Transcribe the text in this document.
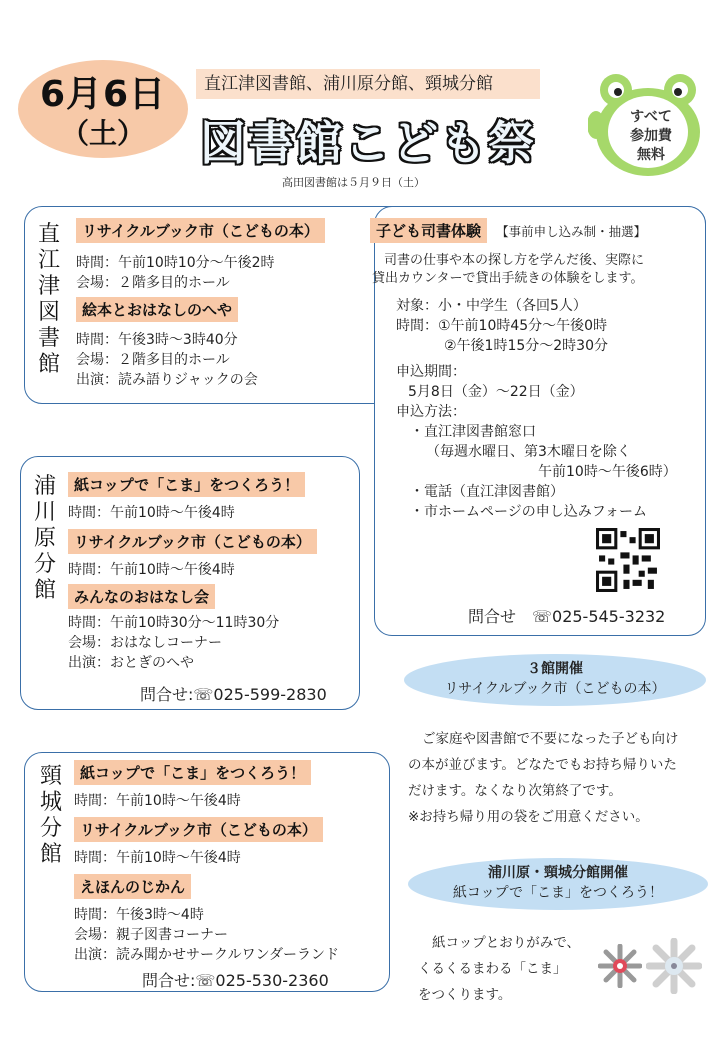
6月6日
（土）
直江津図書館、浦川原分館、頸城分館
図書館こども祭
高田図書館は５月９日（土）
すべて
参加費
無料
直江津図書館
リサイクルブック市（こどもの本）
時間：午前10時10分～午後2時
会場：２階多目的ホール
絵本とおはなしのへや
時間：午後3時～3時40分
会場：２階多目的ホール
出演：読み語りジャックの会
子ども司書体験 【事前申し込み制・抽選】
司書の仕事や本の探し方を学んだ後、実際に
貸出カウンターで貸出手続きの体験をします。
対象：小・中学生（各回5人）
時間：①午前10時45分～午後0時
②午後1時15分～2時30分
申込期間：
5月8日（金）～22日（金）
申込方法：
・直江津図書館窓口
（毎週水曜日、第3木曜日を除く
午前10時～午後6時）
・電話（直江津図書館）
・市ホームページの申し込みフォーム
問合せ　☏025-545-3232
浦川原分館
紙コップで「こま」をつくろう！
時間：午前10時～午後4時
リサイクルブック市（こどもの本）
時間：午前10時～午後4時
みんなのおはなし会
時間：午前10時30分～11時30分
会場：おはなしコーナー
出演：おとぎのへや
問合せ:☏025-599-2830
頸城分館
紙コップで「こま」をつくろう！
時間：午前10時～午後4時
リサイクルブック市（こどもの本）
時間：午前10時～午後4時
えほんのじかん
時間：午後3時～4時
会場：親子図書コーナー
出演：読み聞かせサークルワンダーランド
問合せ:☏025-530-2360
３館開催
リサイクルブック市（こどもの本）
ご家庭や図書館で不要になった子ども向け
の本が並びます。どなたでもお持ち帰りいた
だけます。なくなり次第終了です。
※お持ち帰り用の袋をご用意ください。
浦川原・頸城分館開催
紙コップで「こま」をつくろう！
紙コップとおりがみで、
くるくるまわる「こま」
をつくります。
